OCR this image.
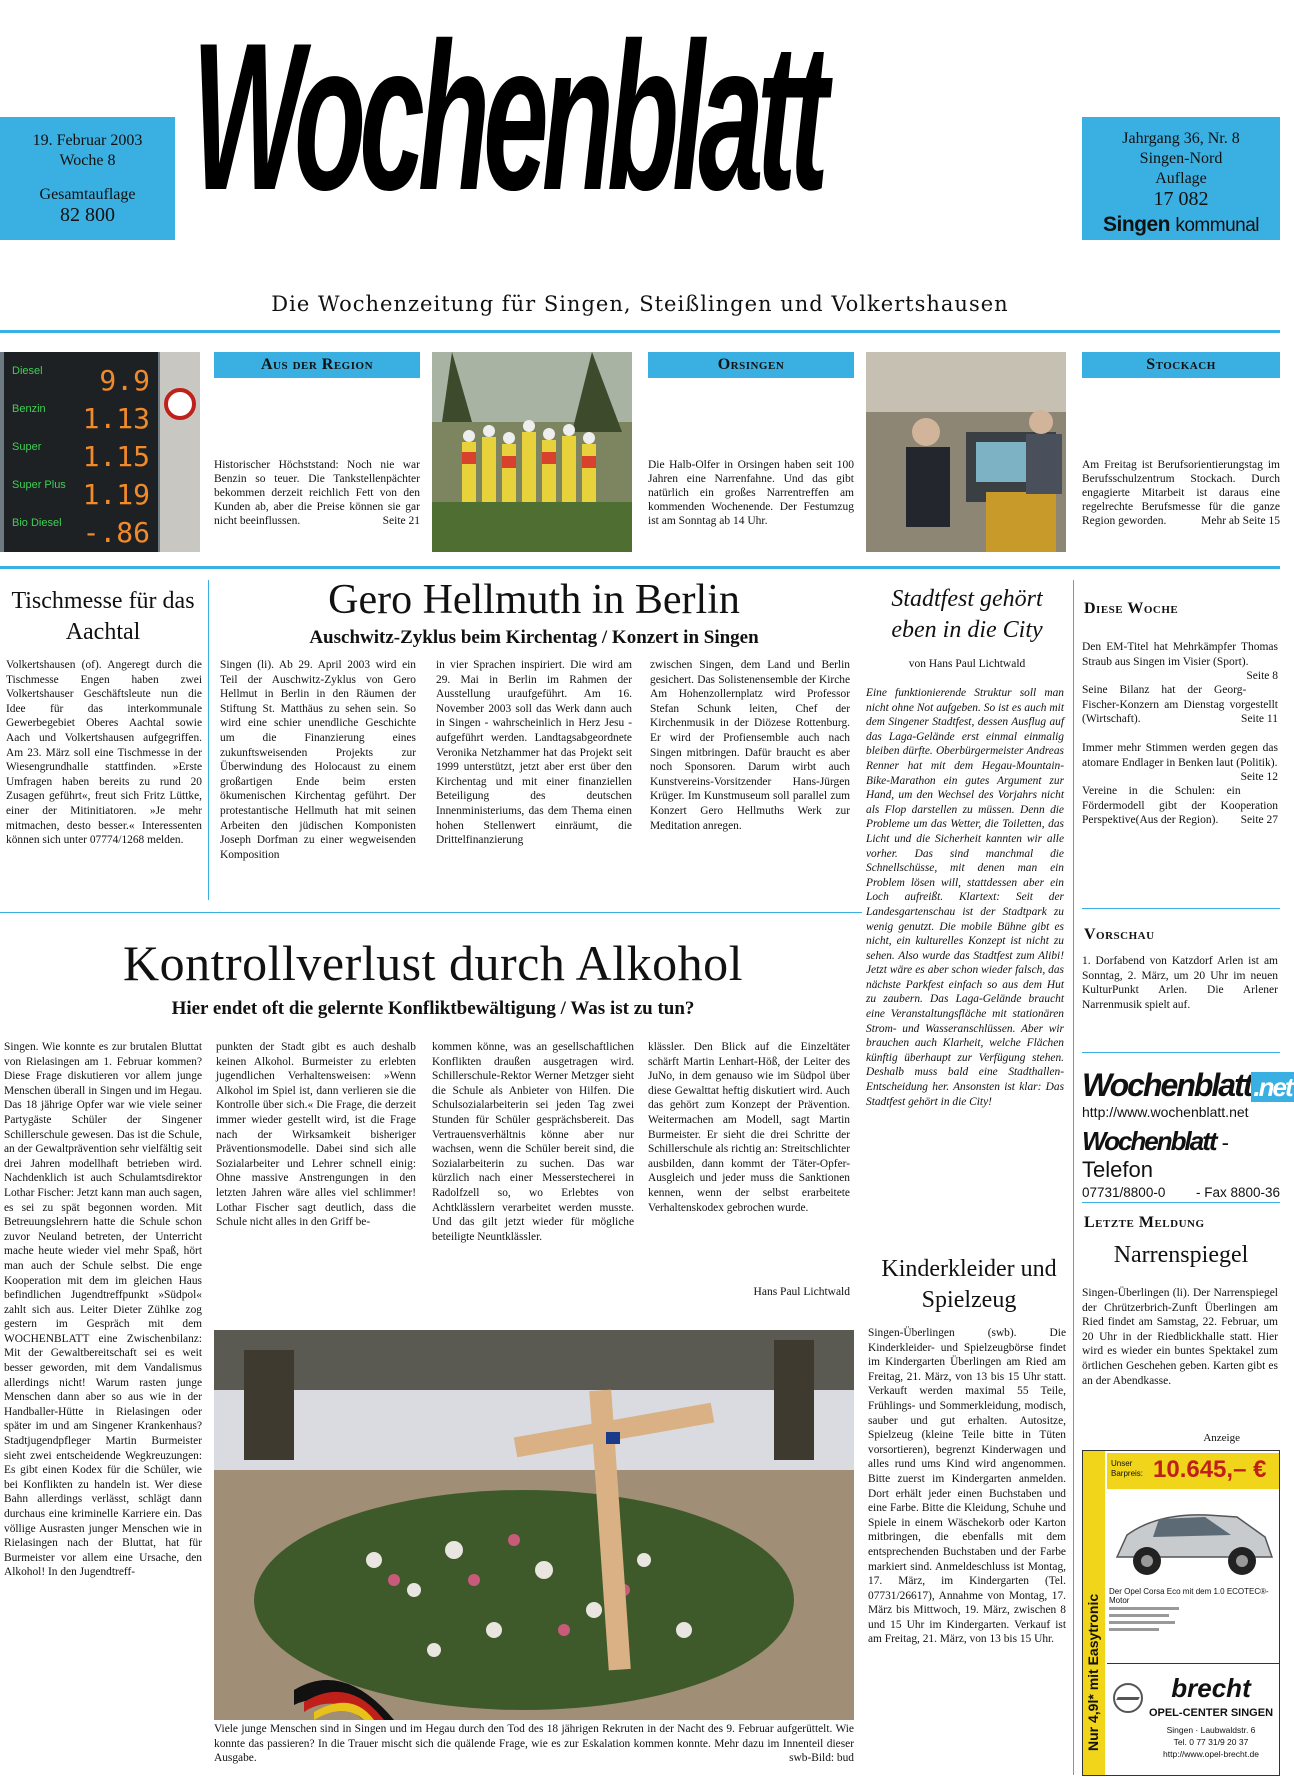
19. Februar 2003
Woche 8
Gesamtauflage
82 800 Wochenblatt	Jahrgang 36, Nr. 8
Singen-Nord
Auflage
17 082
Singen kommunal
Die Wochenzeitung für Singen, Steißlingen und Volkertshausen
Diesel 9.9
Benzin 1.13
Super 1.15
Super Plus 1.19
Bio Diesel -.86
Aus der Region
Historischer Höchststand: Noch nie war Benzin so teuer. Die Tankstellenpächter bekommen derzeit reichlich Fett von den Kunden ab, aber die Preise können sie gar nicht beeinflussen.	Seite 21
Orsingen
Die Halb-Olfer in Orsingen haben seit 100 Jahren eine Narrenfahne. Und das gibt natürlich ein großes Narrentreffen am kommenden Wochenende. Der Festumzug ist am Sonntag ab 14 Uhr.
Stockach
Am Freitag ist Berufsorientierungstag im Berufsschulzentrum Stockach. Durch engagierte Mitarbeit ist daraus eine regelrechte Berufsmesse für die ganze Region geworden.	Mehr ab Seite 15
Tischmesse für das Aachtal
Volkertshausen (of). Angeregt durch die Tischmesse Engen haben zwei Volkertshauser Geschäftsleute nun die Idee für das interkommunale Gewerbegebiet Oberes Aachtal sowie Aach und Volkertshausen aufgegriffen. Am 23. März soll eine Tischmesse in der Wiesengrundhalle stattfinden. »Erste Umfragen haben bereits zu rund 20 Zusagen geführt«, freut sich Fritz Lüttke, einer der Mitinitiatoren. »Je mehr mitmachen, desto besser.« Interessenten können sich unter 07774/1268 melden.
Gero Hellmuth in Berlin
Auschwitz-Zyklus beim Kirchentag / Konzert in Singen
Singen (li). Ab 29. April 2003 wird ein Teil der Auschwitz-Zyklus von Gero Hellmut in Berlin in den Räumen der Stiftung St. Matthäus zu sehen sein. So wird eine schier unendliche Geschichte um die Finanzierung eines zukunftsweisenden Projekts zur Überwindung des Holocaust zu einem großartigen Ende beim ersten ökumenischen Kirchentag geführt. Der protestantische Hellmuth hat mit seinen Arbeiten den jüdischen Komponisten Joseph Dorfman zu einer wegweisenden Komposition
in vier Sprachen inspiriert. Die wird am 29. Mai in Berlin im Rahmen der Ausstellung uraufgeführt. Am 16. November 2003 soll das Werk dann auch in Singen - wahrscheinlich in Herz Jesu - aufgeführt werden. Landtagsabgeordnete Veronika Netzhammer hat das Projekt seit 1999 unterstützt, jetzt aber erst über den Kirchentag und mit einer finanziellen Beteiligung des deutschen Innenministeriums, das dem Thema einen hohen Stellenwert einräumt, die Drittelfinanzierung
zwischen Singen, dem Land und Berlin gesichert. Das Solistenensemble der Kirche Am Hohenzollernplatz wird Professor Stefan Schunk leiten, Chef der Kirchenmusik in der Diözese Rottenburg. Er wird der Profiensemble auch nach Singen mitbringen. Dafür braucht es aber noch Sponsoren. Darum wirbt auch Kunstvereins-Vorsitzender Hans-Jürgen Krüger. Im Kunstmuseum soll parallel zum Konzert Gero Hellmuths Werk zur Meditation anregen.
Stadtfest gehört eben in die City
von Hans Paul Lichtwald
Eine funktionierende Struktur soll man nicht ohne Not aufgeben. So ist es auch mit dem Singener Stadtfest, dessen Ausflug auf das Laga-Gelände erst einmal einmalig bleiben dürfte. Oberbürgermeister Andreas Renner hat mit dem Hegau-Mountain-Bike-Marathon ein gutes Argument zur Hand, um den Wechsel des Vorjahrs nicht als Flop darstellen zu müssen. Denn die Probleme um das Wetter, die Toiletten, das Licht und die Sicherheit kannten wir alle vorher. Das sind manchmal die Schnellschüsse, mit denen man ein Problem lösen will, stattdessen aber ein Loch aufreißt. Klartext: Seit der Landesgartenschau ist der Stadtpark zu wenig genutzt. Die mobile Bühne gibt es nicht, ein kulturelles Konzept ist nicht zu sehen. Also wurde das Stadtfest zum Alibi! Jetzt wäre es aber schon wieder falsch, das nächste Parkfest einfach so aus dem Hut zu zaubern. Das Laga-Gelände braucht eine Veranstaltungsfläche mit stationären Strom- und Wasseranschlüssen. Aber wir brauchen auch Klarheit, welche Flächen künftig überhaupt zur Verfügung stehen. Deshalb muss bald eine Stadthallen-Entscheidung her. Ansonsten ist klar: Das Stadtfest gehört in die City!
Diese Woche
Den EM-Titel hat Mehrkämpfer Thomas Straub aus Singen im Visier (Sport).
Seite 8
Seine Bilanz hat der Georg-Fischer-Konzern am Dienstag vorgestellt (Wirtschaft).	Seite 11
Immer mehr Stimmen werden gegen das atomare Endlager in Benken laut (Politik).
Seite 12
Vereine in die Schulen: ein Fördermodell gibt der Kooperation Perspektive(Aus der Region). Seite 27
Vorschau
1. Dorfabend von Katzdorf Arlen ist am Sonntag, 2. März, um 20 Uhr im neuen KulturPunkt Arlen. Die Arlener Narrenmusik spielt auf.
Wochenblatt.net
http://www.wochenblatt.net
Wochenblatt - Telefon
07731/8800-0 - Fax 8800-36
Letzte Meldung
Narrenspiegel
Singen-Überlingen (li). Der Narrenspiegel der Chrützerbrich-Zunft Überlingen am Ried findet am Samstag, 22. Februar, um 20 Uhr in der Riedblickhalle statt. Hier wird es wieder ein buntes Spektakel zum örtlichen Geschehen geben. Karten gibt es an der Abendkasse.
Anzeige
Nur 4,9l* mit Easytronic
Unser Barpreis: 10.645,– €
Der Opel Corsa Eco mit dem 1.0 ECOTEC®-Motor
brecht
OPEL-CENTER SINGEN
Singen · Laubwaldstr. 6
Tel. 0 77 31/9 20 37
http://www.opel-brecht.de
Kontrollverlust durch Alkohol
Hier endet oft die gelernte Konfliktbewältigung / Was ist zu tun?
Singen. Wie konnte es zur brutalen Bluttat von Rielasingen am 1. Februar kommen? Diese Frage diskutieren vor allem junge Menschen überall in Singen und im Hegau. Das 18 jährige Opfer war wie viele seiner Partygäste Schüler der Singener Schillerschule gewesen. Das ist die Schule, an der Gewaltprävention sehr vielfältig seit drei Jahren modellhaft betrieben wird. Nachdenklich ist auch Schulamtsdirektor Lothar Fischer: Jetzt kann man auch sagen, es sei zu spät begonnen worden. Mit Betreuungslehrern hatte die Schule schon zuvor Neuland betreten, der Unterricht mache heute wieder viel mehr Spaß, hört man auch der Schule selbst. Die enge Kooperation mit dem im gleichen Haus befindlichen Jugendtreffpunkt »Südpol« zahlt sich aus. Leiter Dieter Zühlke zog gestern im Gespräch mit dem WOCHENBLATT eine Zwischenbilanz: Mit der Gewaltbereitschaft sei es weit besser geworden, mit dem Vandalismus allerdings nicht! Warum rasten junge Menschen dann aber so aus wie in der Handballer-Hütte in Rielasingen oder später im und am Singener Krankenhaus? Stadtjugendpfleger Martin Burmeister sieht zwei entscheidende Wegkreuzungen: Es gibt einen Kodex für die Schüler, wie bei Konflikten zu handeln ist. Wer diese Bahn allerdings verlässt, schlägt dann durchaus eine kriminelle Karriere ein. Das völlige Ausrasten junger Menschen wie in Rielasingen nach der Bluttat, hat für Burmeister vor allem eine Ursache, den Alkohol! In den Jugendtreff-
punkten der Stadt gibt es auch deshalb keinen Alkohol. Burmeister zu erlebten jugendlichen Verhaltensweisen: »Wenn Alkohol im Spiel ist, dann verlieren sie die Kontrolle über sich.« Die Frage, die derzeit immer wieder gestellt wird, ist die Frage nach der Wirksamkeit bisheriger Präventionsmodelle. Dabei sind sich alle Sozialarbeiter und Lehrer schnell einig: Ohne massive Anstrengungen in den letzten Jahren wäre alles viel schlimmer! Lothar Fischer sagt deutlich, dass die Schule nicht alles in den Griff be-
kommen könne, was an gesellschaftlichen Konflikten draußen ausgetragen wird. Schillerschule-Rektor Werner Metzger sieht die Schule als Anbieter von Hilfen. Die Schulsozialarbeiterin sei jeden Tag zwei Stunden für Schüler gesprächsbereit. Das Vertrauensverhältnis könne aber nur wachsen, wenn die Schüler bereit sind, die Sozialarbeiterin zu suchen. Das war kürzlich nach einer Messerstecherei in Radolfzell so, wo Erlebtes von Achtklässlern verarbeitet werden musste. Und das gilt jetzt wieder für mögliche beteiligte Neuntklässler.
klässler. Den Blick auf die Einzeltäter schärft Martin Lenhart-Höß, der Leiter des JuNo, in dem genauso wie im Südpol über diese Gewalttat heftig diskutiert wird. Auch das gehört zum Konzept der Prävention. Weitermachen am Modell, sagt Martin Burmeister. Er sieht die drei Schritte der Schillerschule als richtig an: Streitschlichter ausbilden, dann kommt der Täter-Opfer-Ausgleich und jeder muss die Sanktionen kennen, wenn der selbst erarbeitete Verhaltenskodex gebrochen wurde.
Hans Paul Lichtwald
Viele junge Menschen sind in Singen und im Hegau durch den Tod des 18 jährigen Rekruten in der Nacht des 9. Februar aufgerüttelt. Wie konnte das passieren? In die Trauer mischt sich die quälende Frage, wie es zur Eskalation kommen konnte. Mehr dazu im Innenteil dieser Ausgabe.	swb-Bild: bud
Kinderkleider und Spielzeug
Singen-Überlingen (swb). Die Kinderkleider- und Spielzeugbörse findet im Kindergarten Überlingen am Ried am Freitag, 21. März, von 13 bis 15 Uhr statt. Verkauft werden maximal 55 Teile, Frühlings- und Sommerkleidung, modisch, sauber und gut erhalten. Autositze, Spielzeug (kleine Teile bitte in Tüten vorsortieren), begrenzt Kinderwagen und alles rund ums Kind wird angenommen. Bitte zuerst im Kindergarten anmelden. Dort erhält jeder einen Buchstaben und eine Farbe. Bitte die Kleidung, Schuhe und Spiele in einem Wäschekorb oder Karton mitbringen, die ebenfalls mit dem entsprechenden Buchstaben und der Farbe markiert sind. Anmeldeschluss ist Montag, 17. März, im Kindergarten (Tel. 07731/26617), Annahme von Montag, 17. März bis Mittwoch, 19. März, zwischen 8 und 15 Uhr im Kindergarten. Verkauf ist am Freitag, 21. März, von 13 bis 15 Uhr.
